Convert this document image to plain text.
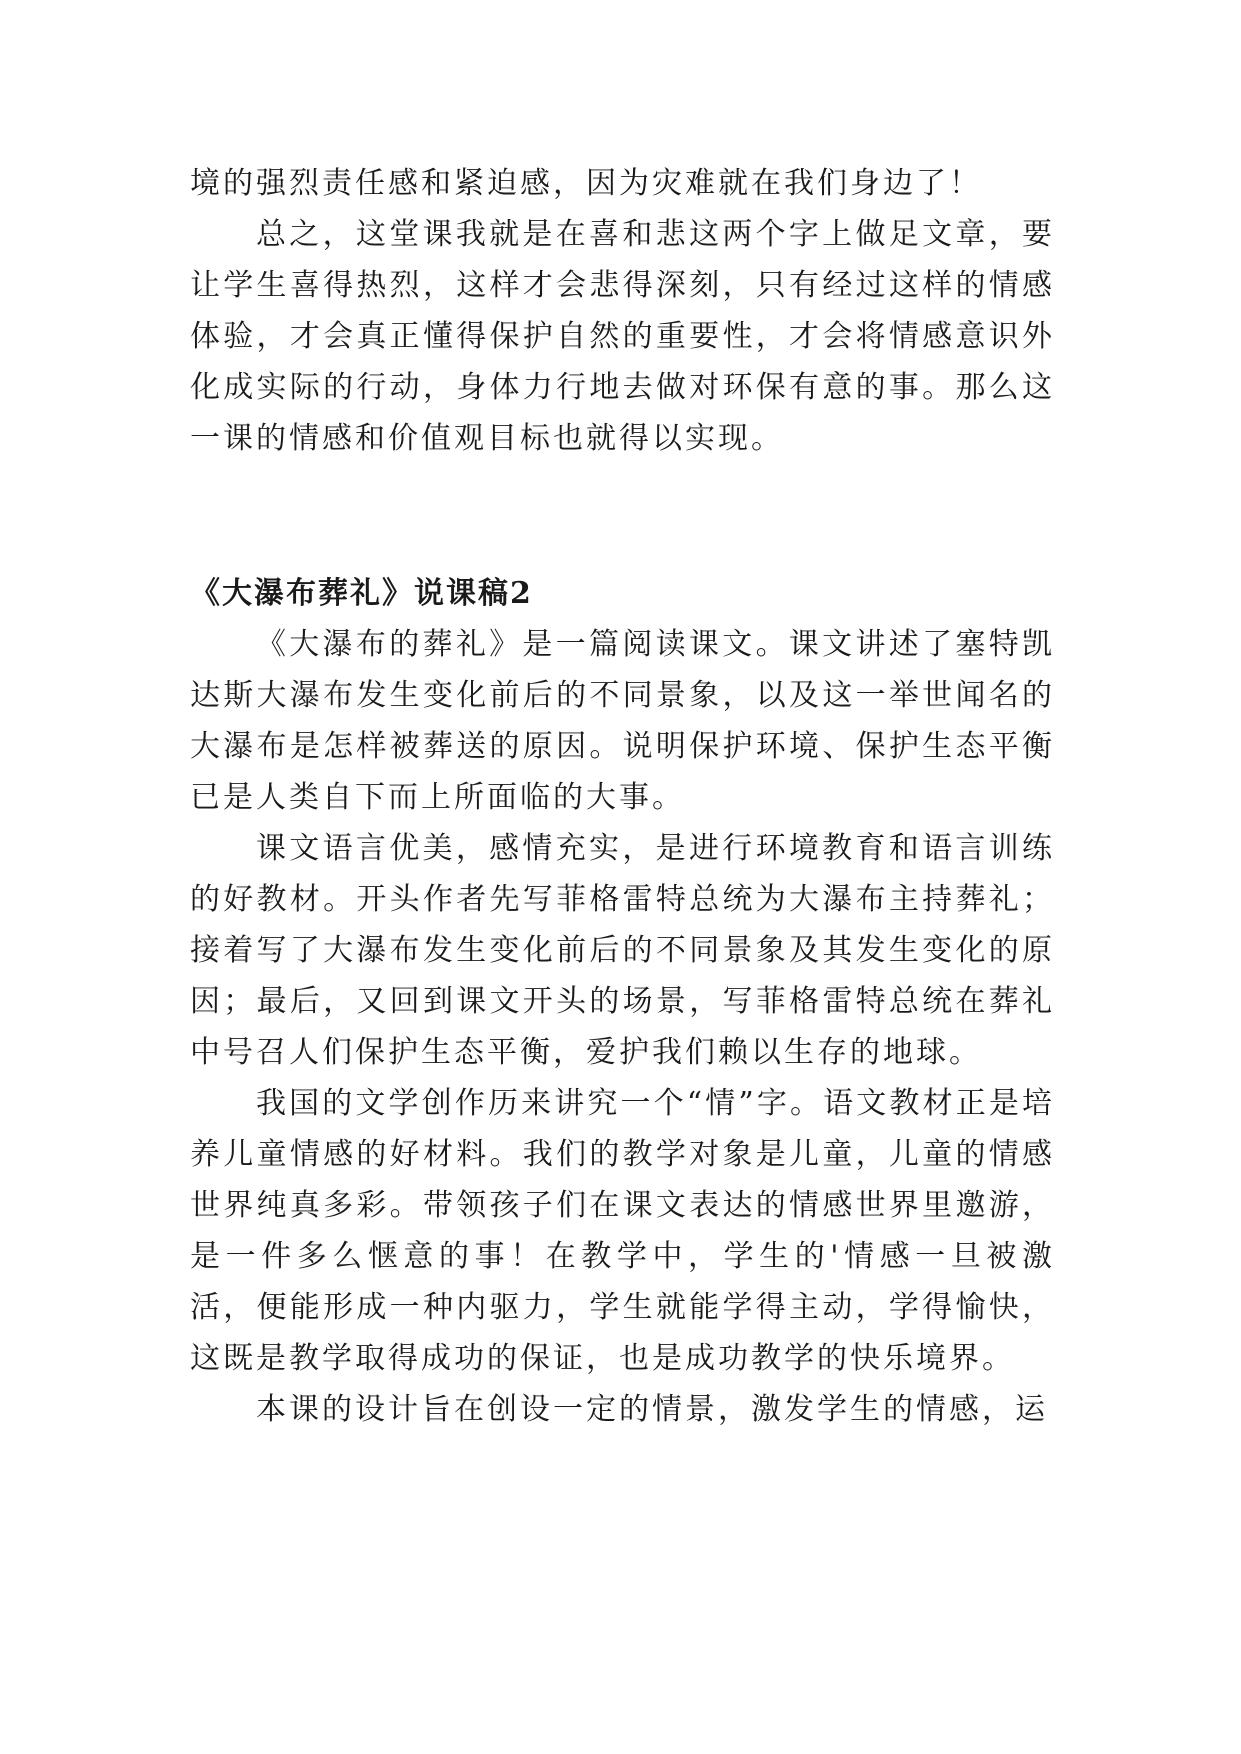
境的强烈责任感和紧迫感，因为灾难就在我们身边了！

总之，这堂课我就是在喜和悲这两个字上做足文章，要让学生喜得热烈，这样才会悲得深刻，只有经过这样的情感体验，才会真正懂得保护自然的重要性，才会将情感意识外化成实际的行动，身体力行地去做对环保有意的事。那么这一课的情感和价值观目标也就得以实现。

《大瀑布葬礼》说课稿2

《大瀑布的葬礼》是一篇阅读课文。课文讲述了塞特凯达斯大瀑布发生变化前后的不同景象，以及这一举世闻名的大瀑布是怎样被葬送的原因。说明保护环境、保护生态平衡已是人类自下而上所面临的大事。

课文语言优美，感情充实，是进行环境教育和语言训练的好教材。开头作者先写菲格雷特总统为大瀑布主持葬礼；接着写了大瀑布发生变化前后的不同景象及其发生变化的原因；最后，又回到课文开头的场景，写菲格雷特总统在葬礼中号召人们保护生态平衡，爱护我们赖以生存的地球。

我国的文学创作历来讲究一个“情”字。语文教材正是培养儿童情感的好材料。我们的教学对象是儿童，儿童的情感世界纯真多彩。带领孩子们在课文表达的情感世界里邀游，是一件多么惬意的事！在教学中，学生的'情感一旦被激活，便能形成一种内驱力，学生就能学得主动，学得愉快，这既是教学取得成功的保证，也是成功教学的快乐境界。

本课的设计旨在创设一定的情景，激发学生的情感，运
